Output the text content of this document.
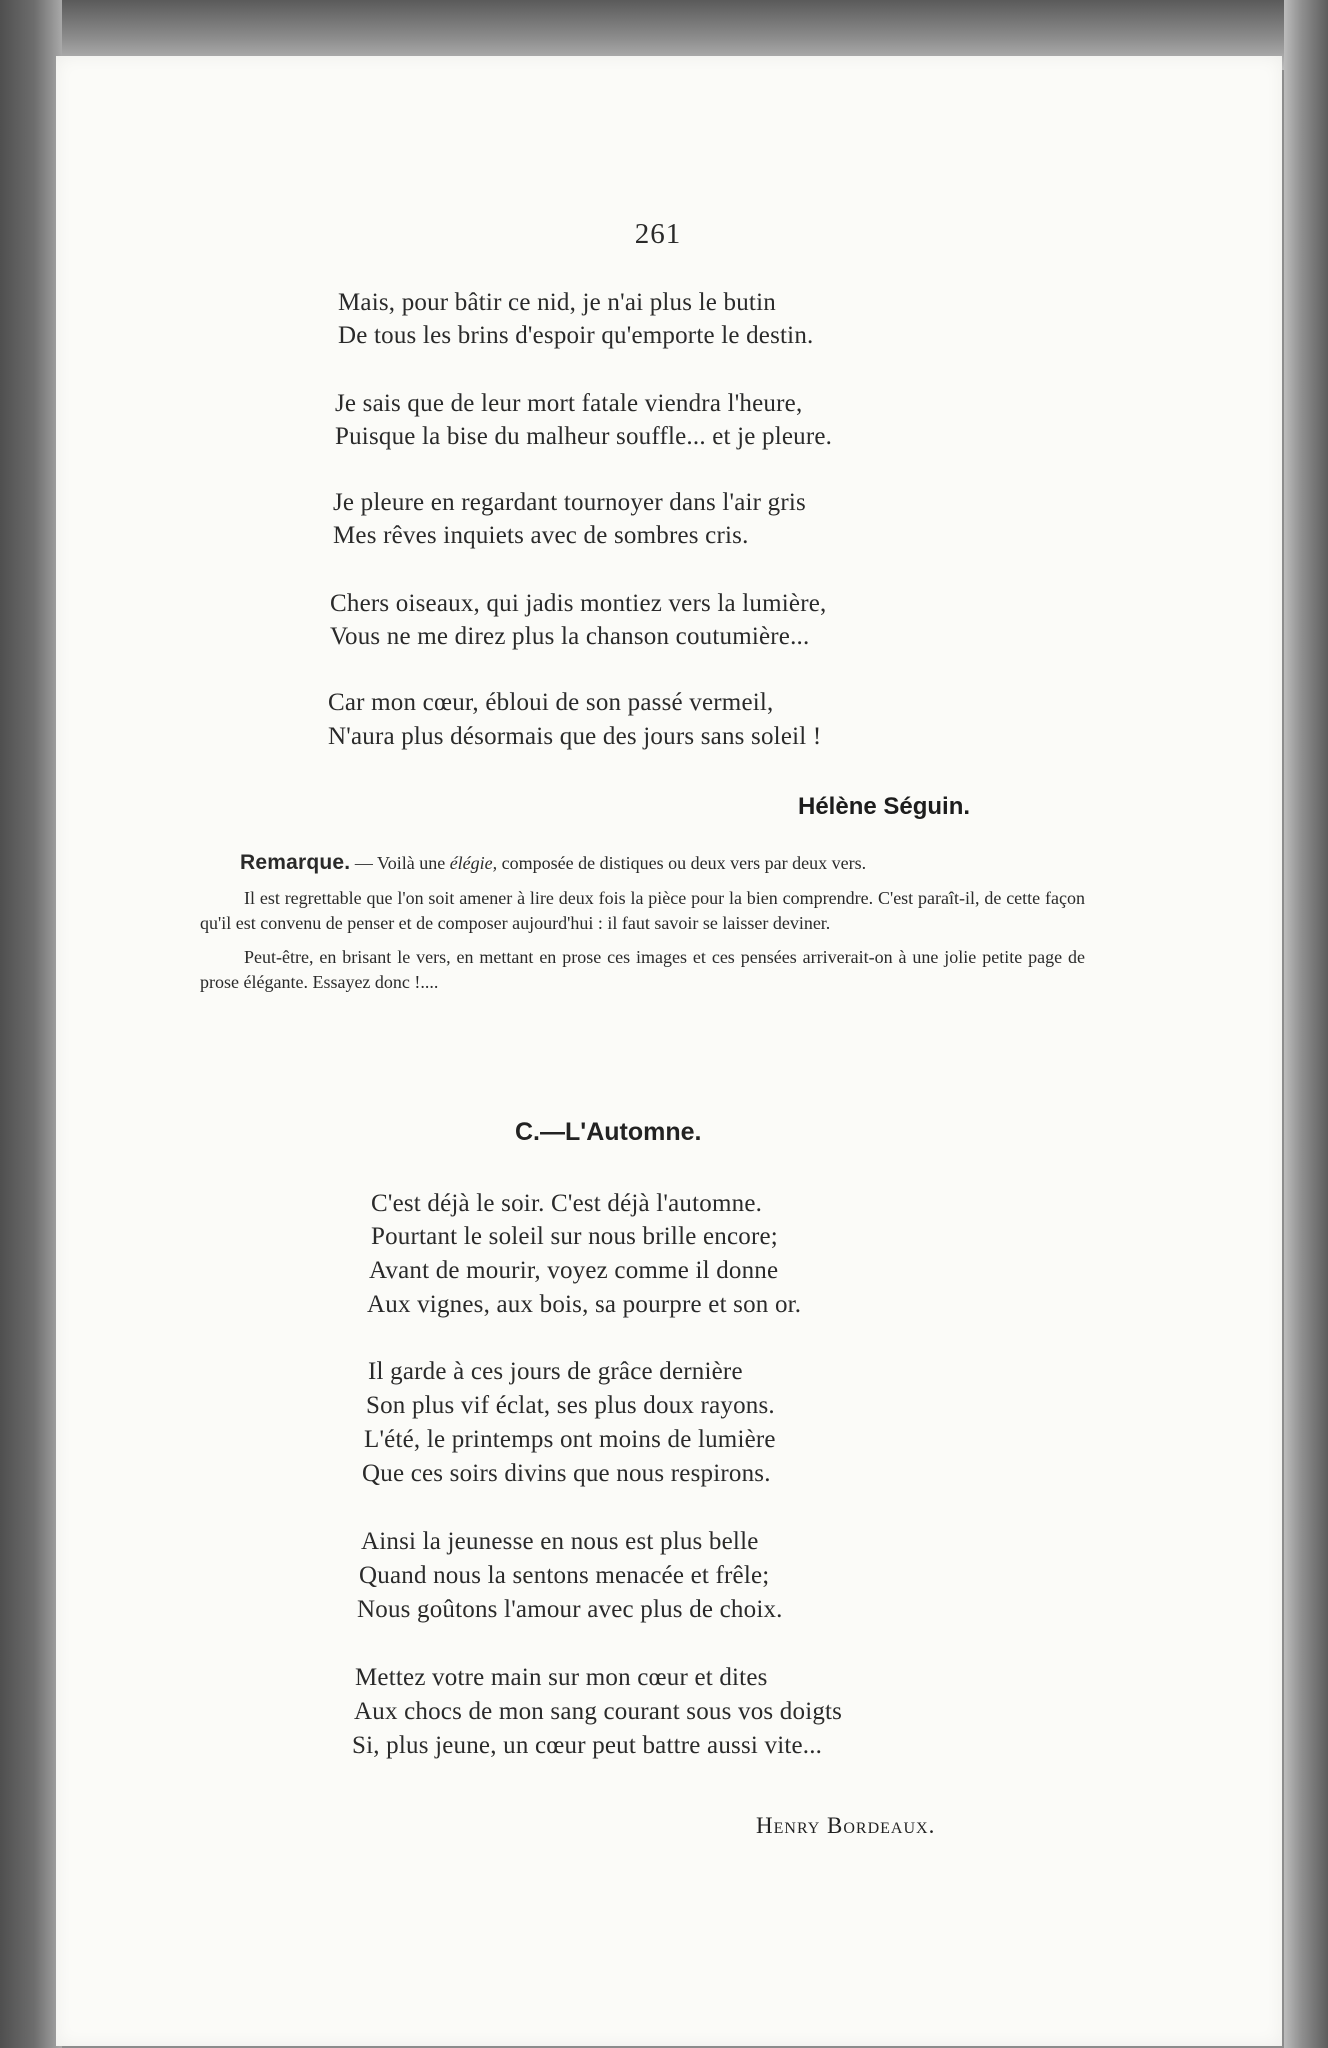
261
Mais, pour bâtir ce nid, je n'ai plus le butin
De tous les brins d'espoir qu'emporte le destin.
Je sais que de leur mort fatale viendra l'heure,
Puisque la bise du malheur souffle... et je pleure.
Je pleure en regardant tournoyer dans l'air gris
Mes rêves inquiets avec de sombres cris.
Chers oiseaux, qui jadis montiez vers la lumière,
Vous ne me direz plus la chanson coutumière...
Car mon cœur, ébloui de son passé vermeil,
N'aura plus désormais que des jours sans soleil !
Hélène Séguin.

Remarque. — Voilà une élégie, composée de distiques ou deux vers par deux vers.

Il est regrettable que l'on soit amener à lire deux fois la pièce pour la bien comprendre. C'est paraît-il, de cette façon qu'il est convenu de penser et de composer aujourd'hui : il faut savoir se laisser deviner.

Peut-être, en brisant le vers, en mettant en prose ces images et ces pensées arriverait-on à une jolie petite page de prose élégante. Essayez donc !....

C.—L'Automne.
C'est déjà le soir. C'est déjà l'automne.
Pourtant le soleil sur nous brille encore;
Avant de mourir, voyez comme il donne
Aux vignes, aux bois, sa pourpre et son or.
Il garde à ces jours de grâce dernière
Son plus vif éclat, ses plus doux rayons.
L'été, le printemps ont moins de lumière
Que ces soirs divins que nous respirons.
Ainsi la jeunesse en nous est plus belle
Quand nous la sentons menacée et frêle;
Nous goûtons l'amour avec plus de choix.
Mettez votre main sur mon cœur et dites
Aux chocs de mon sang courant sous vos doigts
Si, plus jeune, un cœur peut battre aussi vite...
Henry Bordeaux.
